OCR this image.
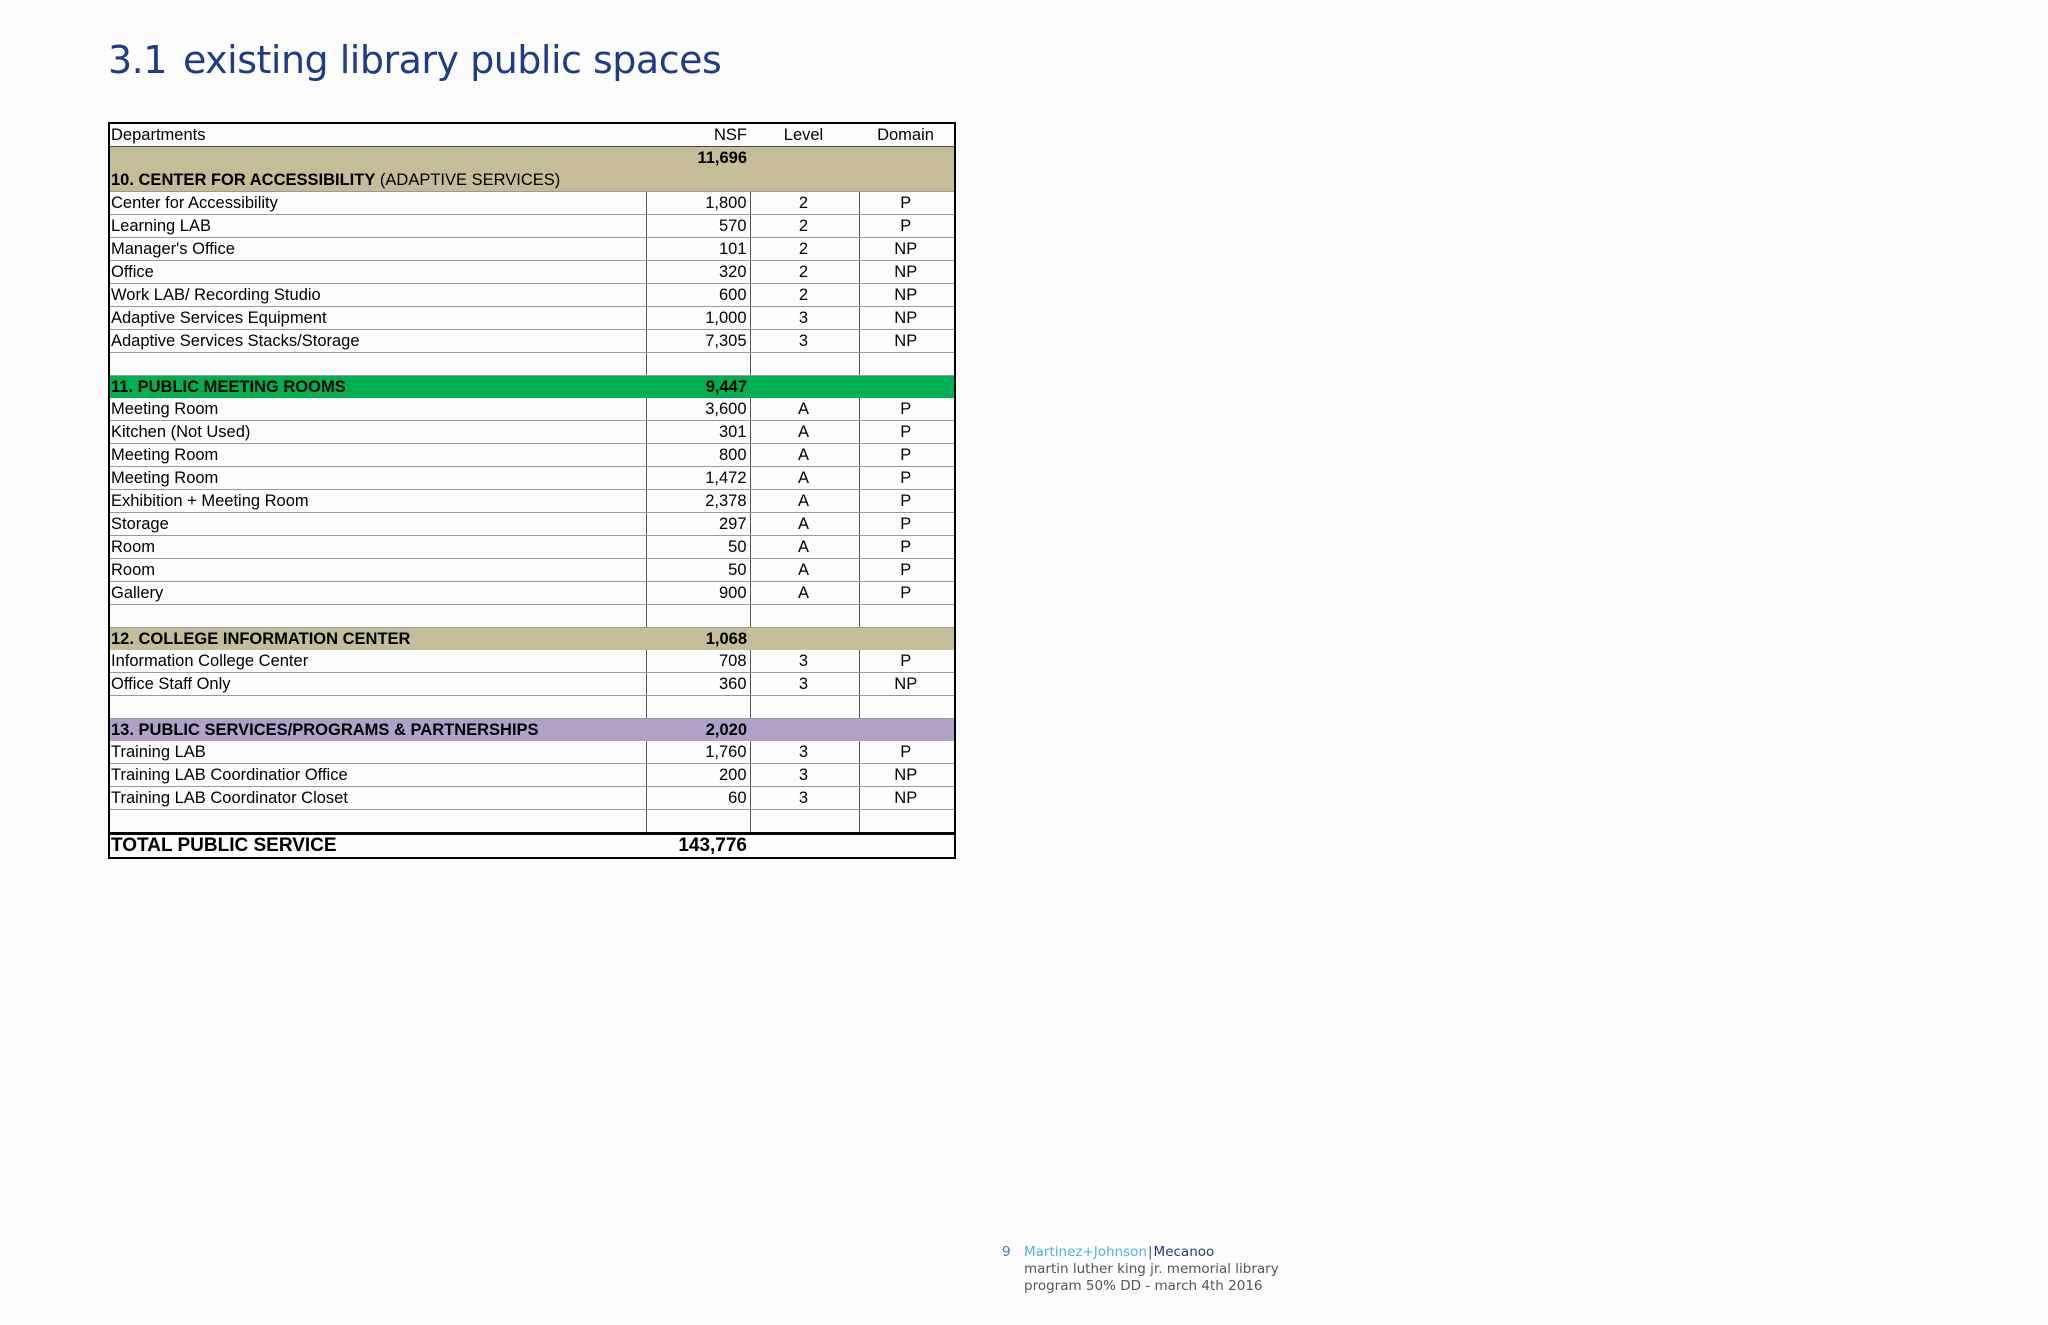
3.1 existing library public spaces
Departments	NSF	Level	Domain
	11,696		
10. CENTER FOR ACCESSIBILITY (ADAPTIVE SERVICES)			
Center for Accessibility	1,800	2	P
Learning LAB	570	2	P
Manager's Office	101	2	NP
Office	320	2	NP
Work LAB/ Recording Studio	600	2	NP
Adaptive Services Equipment	1,000	3	NP
Adaptive Services Stacks/Storage	7,305	3	NP

11. PUBLIC MEETING ROOMS	9,447		
Meeting Room	3,600	A	P
Kitchen (Not Used)	301	A	P
Meeting Room	800	A	P
Meeting Room	1,472	A	P
Exhibition + Meeting Room	2,378	A	P
Storage	297	A	P
Room	50	A	P
Room	50	A	P
Gallery	900	A	P

12. COLLEGE INFORMATION CENTER	1,068		
Information College Center	708	3	P
Office Staff Only	360	3	NP

13. PUBLIC SERVICES/PROGRAMS & PARTNERSHIPS	2,020		
Training LAB	1,760	3	P
Training LAB Coordinatior Office	200	3	NP
Training LAB Coordinator Closet	60	3	NP

TOTAL PUBLIC SERVICE	143,776		
9 Martinez+Johnson|Mecanoo
martin luther king jr. memorial library
program 50% DD - march 4th 2016
